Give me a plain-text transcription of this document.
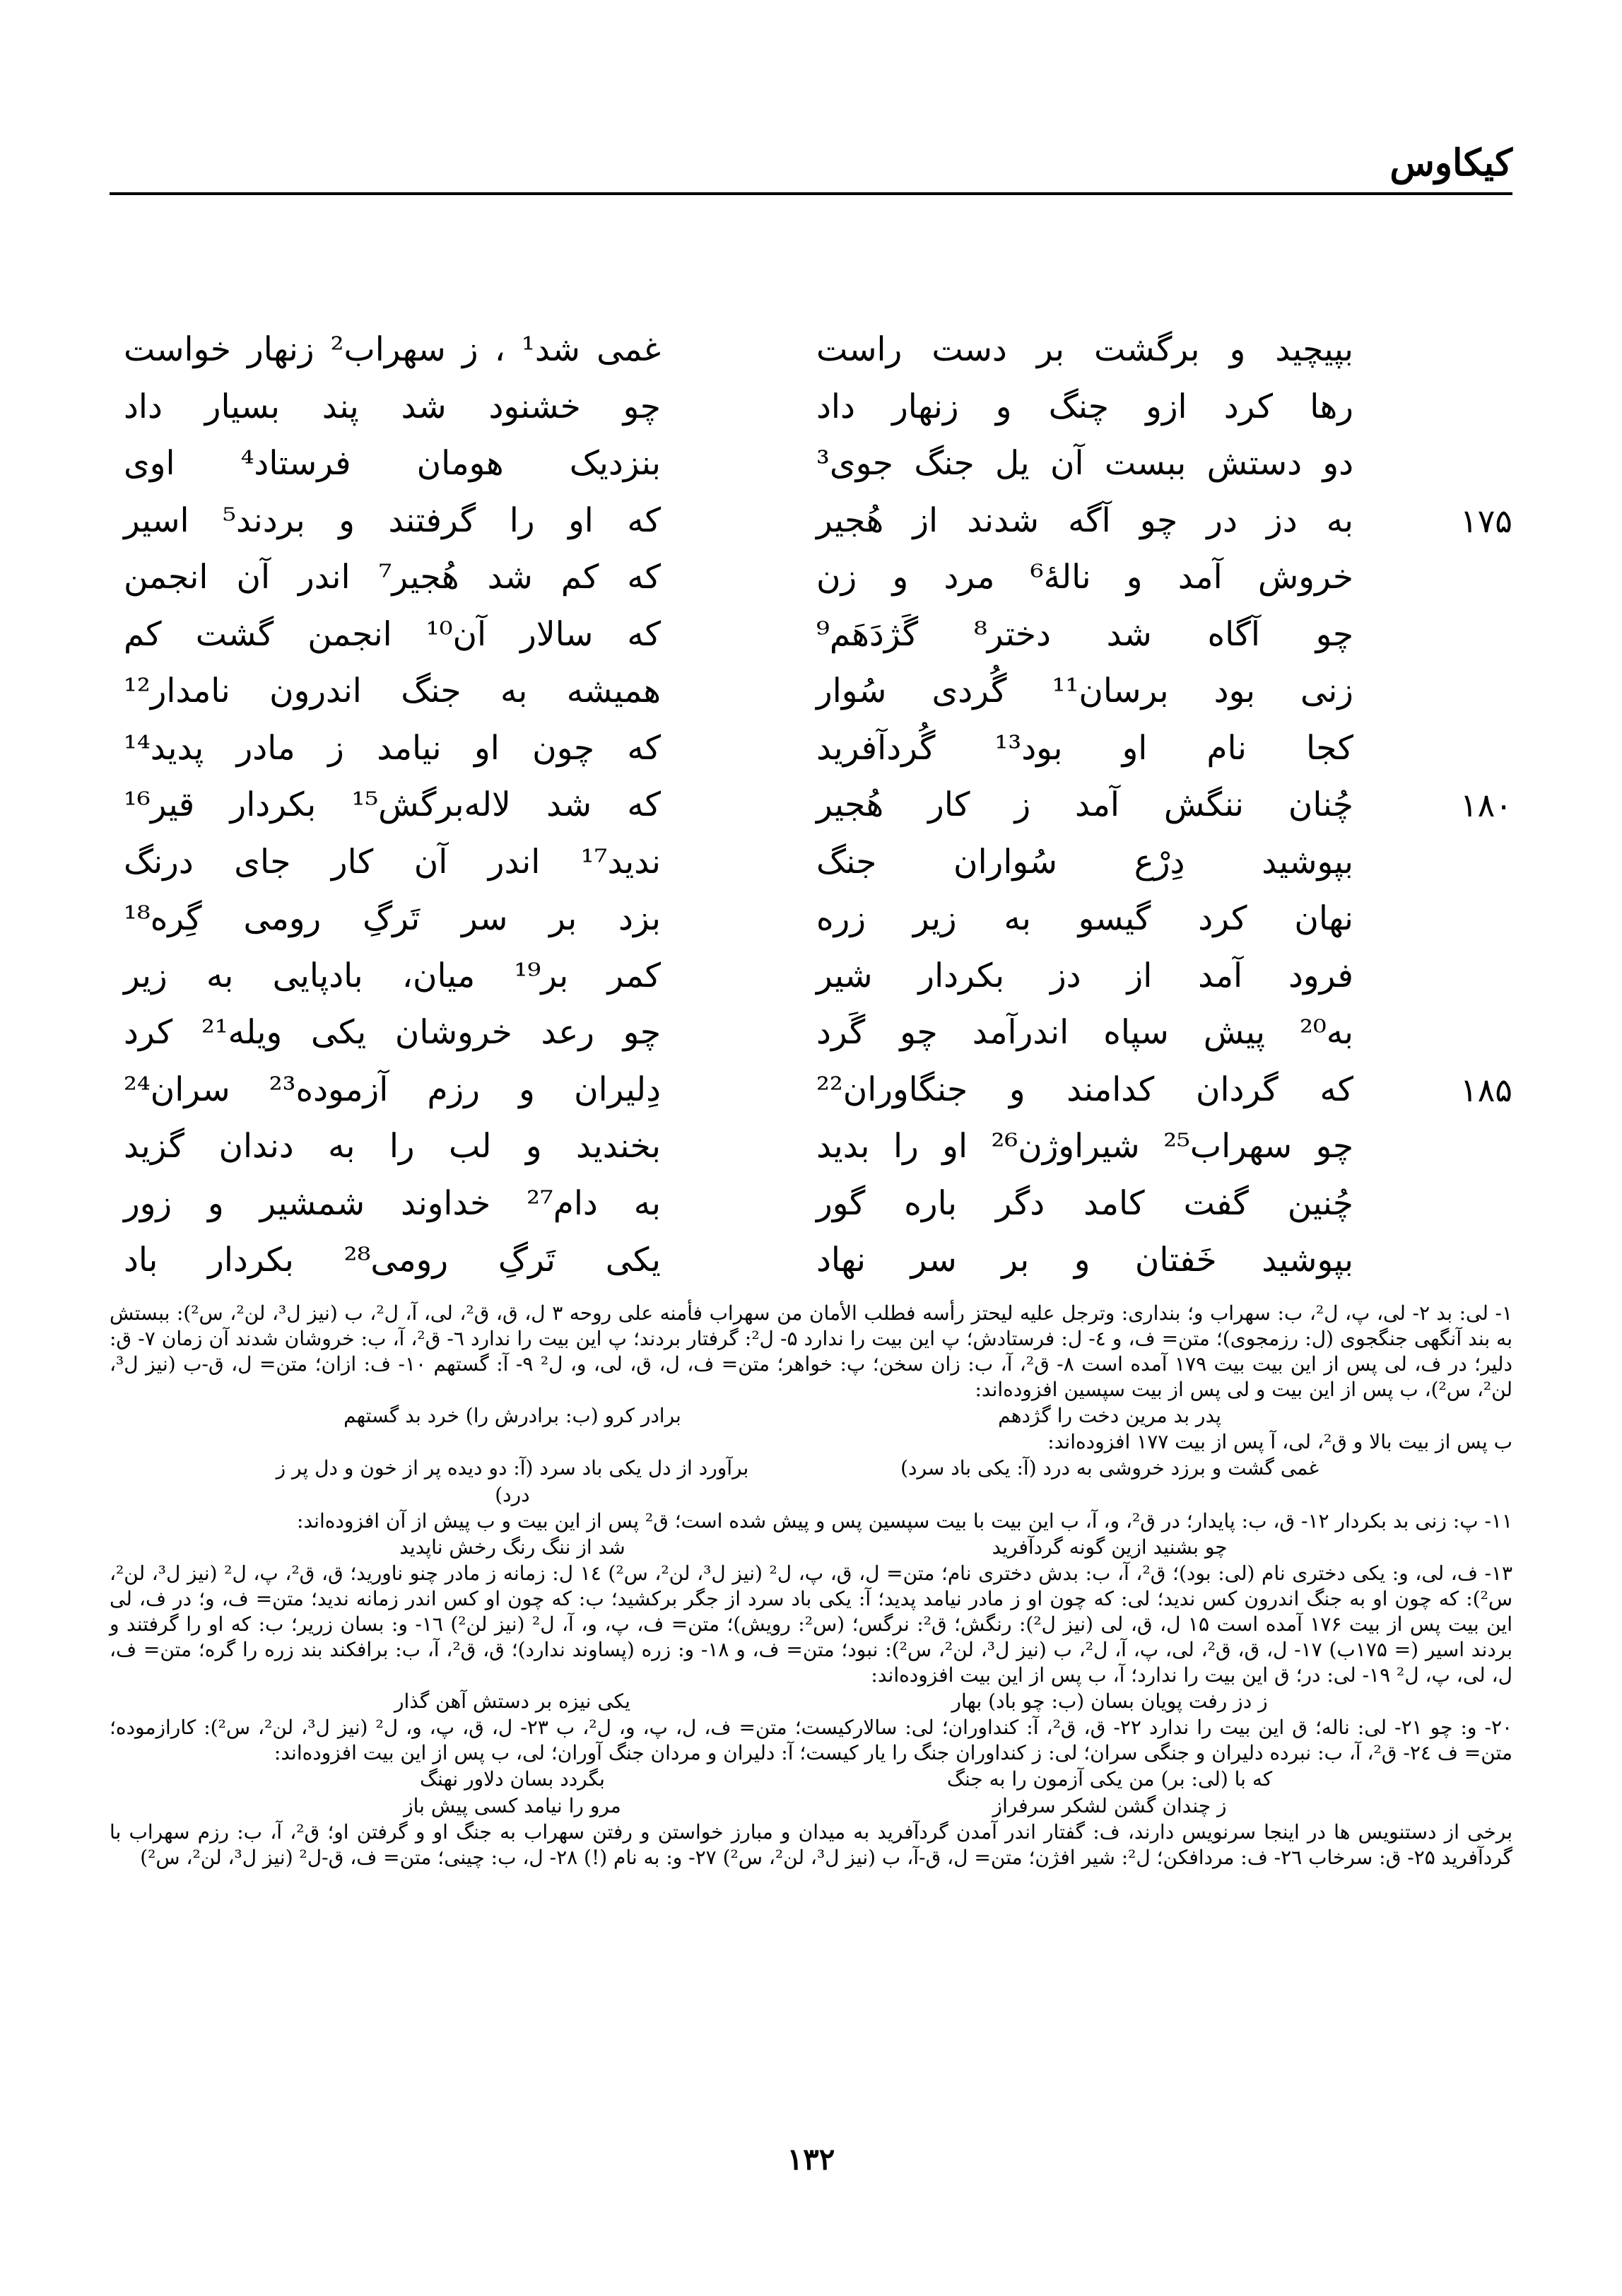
کیکاوس
بپیچید و برگشت بر دست راست
غمی شد¹ ، ز سهراب² زنهار خواست
رها کرد ازو چنگ و زنهار داد
چو خشنود شد پند بسیار داد
دو دستش ببست آن یل جنگ جوی³
بنزدیک هومان فرستاد⁴ اوی
۱۷۵
به دز در چو آگه شدند از هُجیر
که او را گرفتند و بردند⁵ اسیر
خروش آمد و نالهٔ⁶ مرد و زن
که کم شد هُجیر⁷ اندر آن انجمن
چو آگاه شد دختر⁸ گَژدَهَم⁹
که سالار آن¹⁰ انجمن گشت کم
زنی بود برسان¹¹ گُردی سُوار
همیشه به جنگ اندرون نامدار¹²
کجا نام او بود¹³ گُردآفرید
که چون او نیامد ز مادر پدید¹⁴
۱۸۰
چُنان ننگش آمد ز کار هُجیر
که شد لاله‌برگش¹⁵ بکردار قیر¹⁶
بپوشید دِرْع سُواران جنگ
ندید¹⁷ اندر آن کار جای درنگ
نهان کرد گیسو به زیر زره
بزد بر سر تَرگِ رومی گِره¹⁸
فرود آمد از دز بکردار شیر
کمر بر¹⁹ میان، بادپایی به زیر
به²⁰ پیش سپاه اندرآمد چو گَرد
چو رعد خروشان یکی ویله²¹ کرد
۱۸۵
که گردان کدامند و جنگاوران²²
دِلیران و رزم آزموده²³ سران²⁴
چو سهراب²⁵ شیراوژن²⁶ او را بدید
بخندید و لب را به دندان گزید
چُنین گفت کامد دگر باره گور
به دام²⁷ خداوند شمشیر و زور
بپوشید خَفتان و بر سر نهاد
یکی تَرگِ رومی²⁸ بکردار باد

۱- لی: بد ۲- لی، پ، ل²، ب: سهراب و؛ بنداری: وترجل علیه لیحتز رأسه فطلب الأمان من سهراب فأمنه علی روحه ۳ ل، ق، ق²، لی، آ، ل²، ب (نیز ل³، لن²، س²): ببستش به بند آنگهی جنگجوی (ل: رزمجوی)؛ متن= ف، و ٤- ل: فرستادش؛ پ این بیت را ندارد ۵- ل²: گرفتار بردند؛ پ این بیت را ندارد ٦- ق²، آ، ب: خروشان شدند آن زمان ۷- ق: دلیر؛ در ف، لی پس از این بیت بیت ۱۷۹ آمده است ۸- ق²، آ، ب: زان سخن؛ پ: خواهر؛ متن= ف، ل، ق، لی، و، ل² ۹- آ: گستهم ۱۰- ف: ازان؛ متن= ل، ق-ب (نیز ل³، لن²، س²)، ب پس از این بیت و لی پس از بیت سپسین افزوده‌اند:

پدر بد مرین دخت را گژدهم
برادر کرو (ب: برادرش را) خرد بد گستهم

ب پس از بیت بالا و ق²، لی، آ پس از بیت ۱۷۷ افزوده‌اند:

غمی گشت و برزد خروشی به درد (آ: یکی باد سرد)
برآورد از دل یکی باد سرد (آ: دو دیده پر از خون و دل پر ز درد)

۱۱- پ: زنی بد بکردار ۱۲- ق، ب: پایدار؛ در ق²، و، آ، ب این بیت با بیت سپسین پس و پیش شده است؛ ق² پس از این بیت و ب پیش از آن افزوده‌اند:

چو بشنید ازین گونه گردآفرید
شد از ننگ رنگ رخش ناپدید

۱۳- ف، لی، و: یکی دختری نام (لی: بود)؛ ق²، آ، ب: بدش دختری نام؛ متن= ل، ق، پ، ل² (نیز ل³، لن²، س²) ١٤ ل: زمانه ز مادر چنو ناورید؛ ق، ق²، پ، ل² (نیز ل³، لن²، س²): که چون او به جنگ اندرون کس ندید؛ لی: که چون او ز مادر نیامد پدید؛ آ: یکی باد سرد از جگر برکشید؛ ب: که چون او کس اندر زمانه ندید؛ متن= ف، و؛ در ف، لی این بیت پس از بیت ۱۷۶ آمده است ۱۵ ل، ق، لی (نیز ل²): رنگش؛ ق²: نرگس؛ (س²: رویش)؛ متن= ف، پ، و، آ، ل² (نیز لن²) ۱٦- و: بسان زریر؛ ب: که او را گرفتند و بردند اسیر (= ۱۷۵ب) ۱۷- ل، ق، ق²، لی، پ، آ، ل²، ب (نیز ل³، لن²، س²): نبود؛ متن= ف، و ۱۸- و: زره (پساوند ندارد)؛ ق، ق²، آ، ب: برافکند بند زره را گره؛ متن= ف، ل، لی، پ، ل² ۱۹- لی: در؛ ق این بیت را ندارد؛ آ، ب پس از این بیت افزوده‌اند:

ز دز رفت پویان بسان (ب: چو باد) بهار
یکی نیزه بر دستش آهن گذار

۲۰- و: چو ۲۱- لی: ناله؛ ق این بیت را ندارد ۲۲- ق، ق²، آ: کنداوران؛ لی: سالارکیست؛ متن= ف، ل، پ، و، ل²، ب ۲۳- ل، ق، پ، و، ل² (نیز ل³، لن²، س²): کارازموده؛ متن= ف ٢٤- ق²، آ، ب: نبرده دلیران و جنگی سران؛ لی: ز کنداوران جنگ را یار کیست؛ آ: دلیران و مردان جنگ آوران؛ لی، ب پس از این بیت افزوده‌اند:

که با (لی: بر) من یکی آزمون را به جنگ
بگردد بسان دلاور نهنگ
ز چندان گشن لشکر سرفراز
مرو را نیامد کسی پیش باز

برخی از دستنویس ها در اینجا سرنویس دارند، ف: گفتار اندر آمدن گردآفرید به میدان و مبارز خواستن و رفتن سهراب به جنگ او و گرفتن او؛ ق²، آ، ب: رزم سهراب با گردآفرید ۲۵- ق: سرخاب ۲٦- ف: مردافکن؛ ل²: شیر افژن؛ متن= ل، ق-آ، ب (نیز ل³، لن²، س²) ۲۷- و: به نام (!) ۲۸- ل، ب: چینی؛ متن= ف، ق-ل² (نیز ل³، لن²، س²)

۱۳۲
